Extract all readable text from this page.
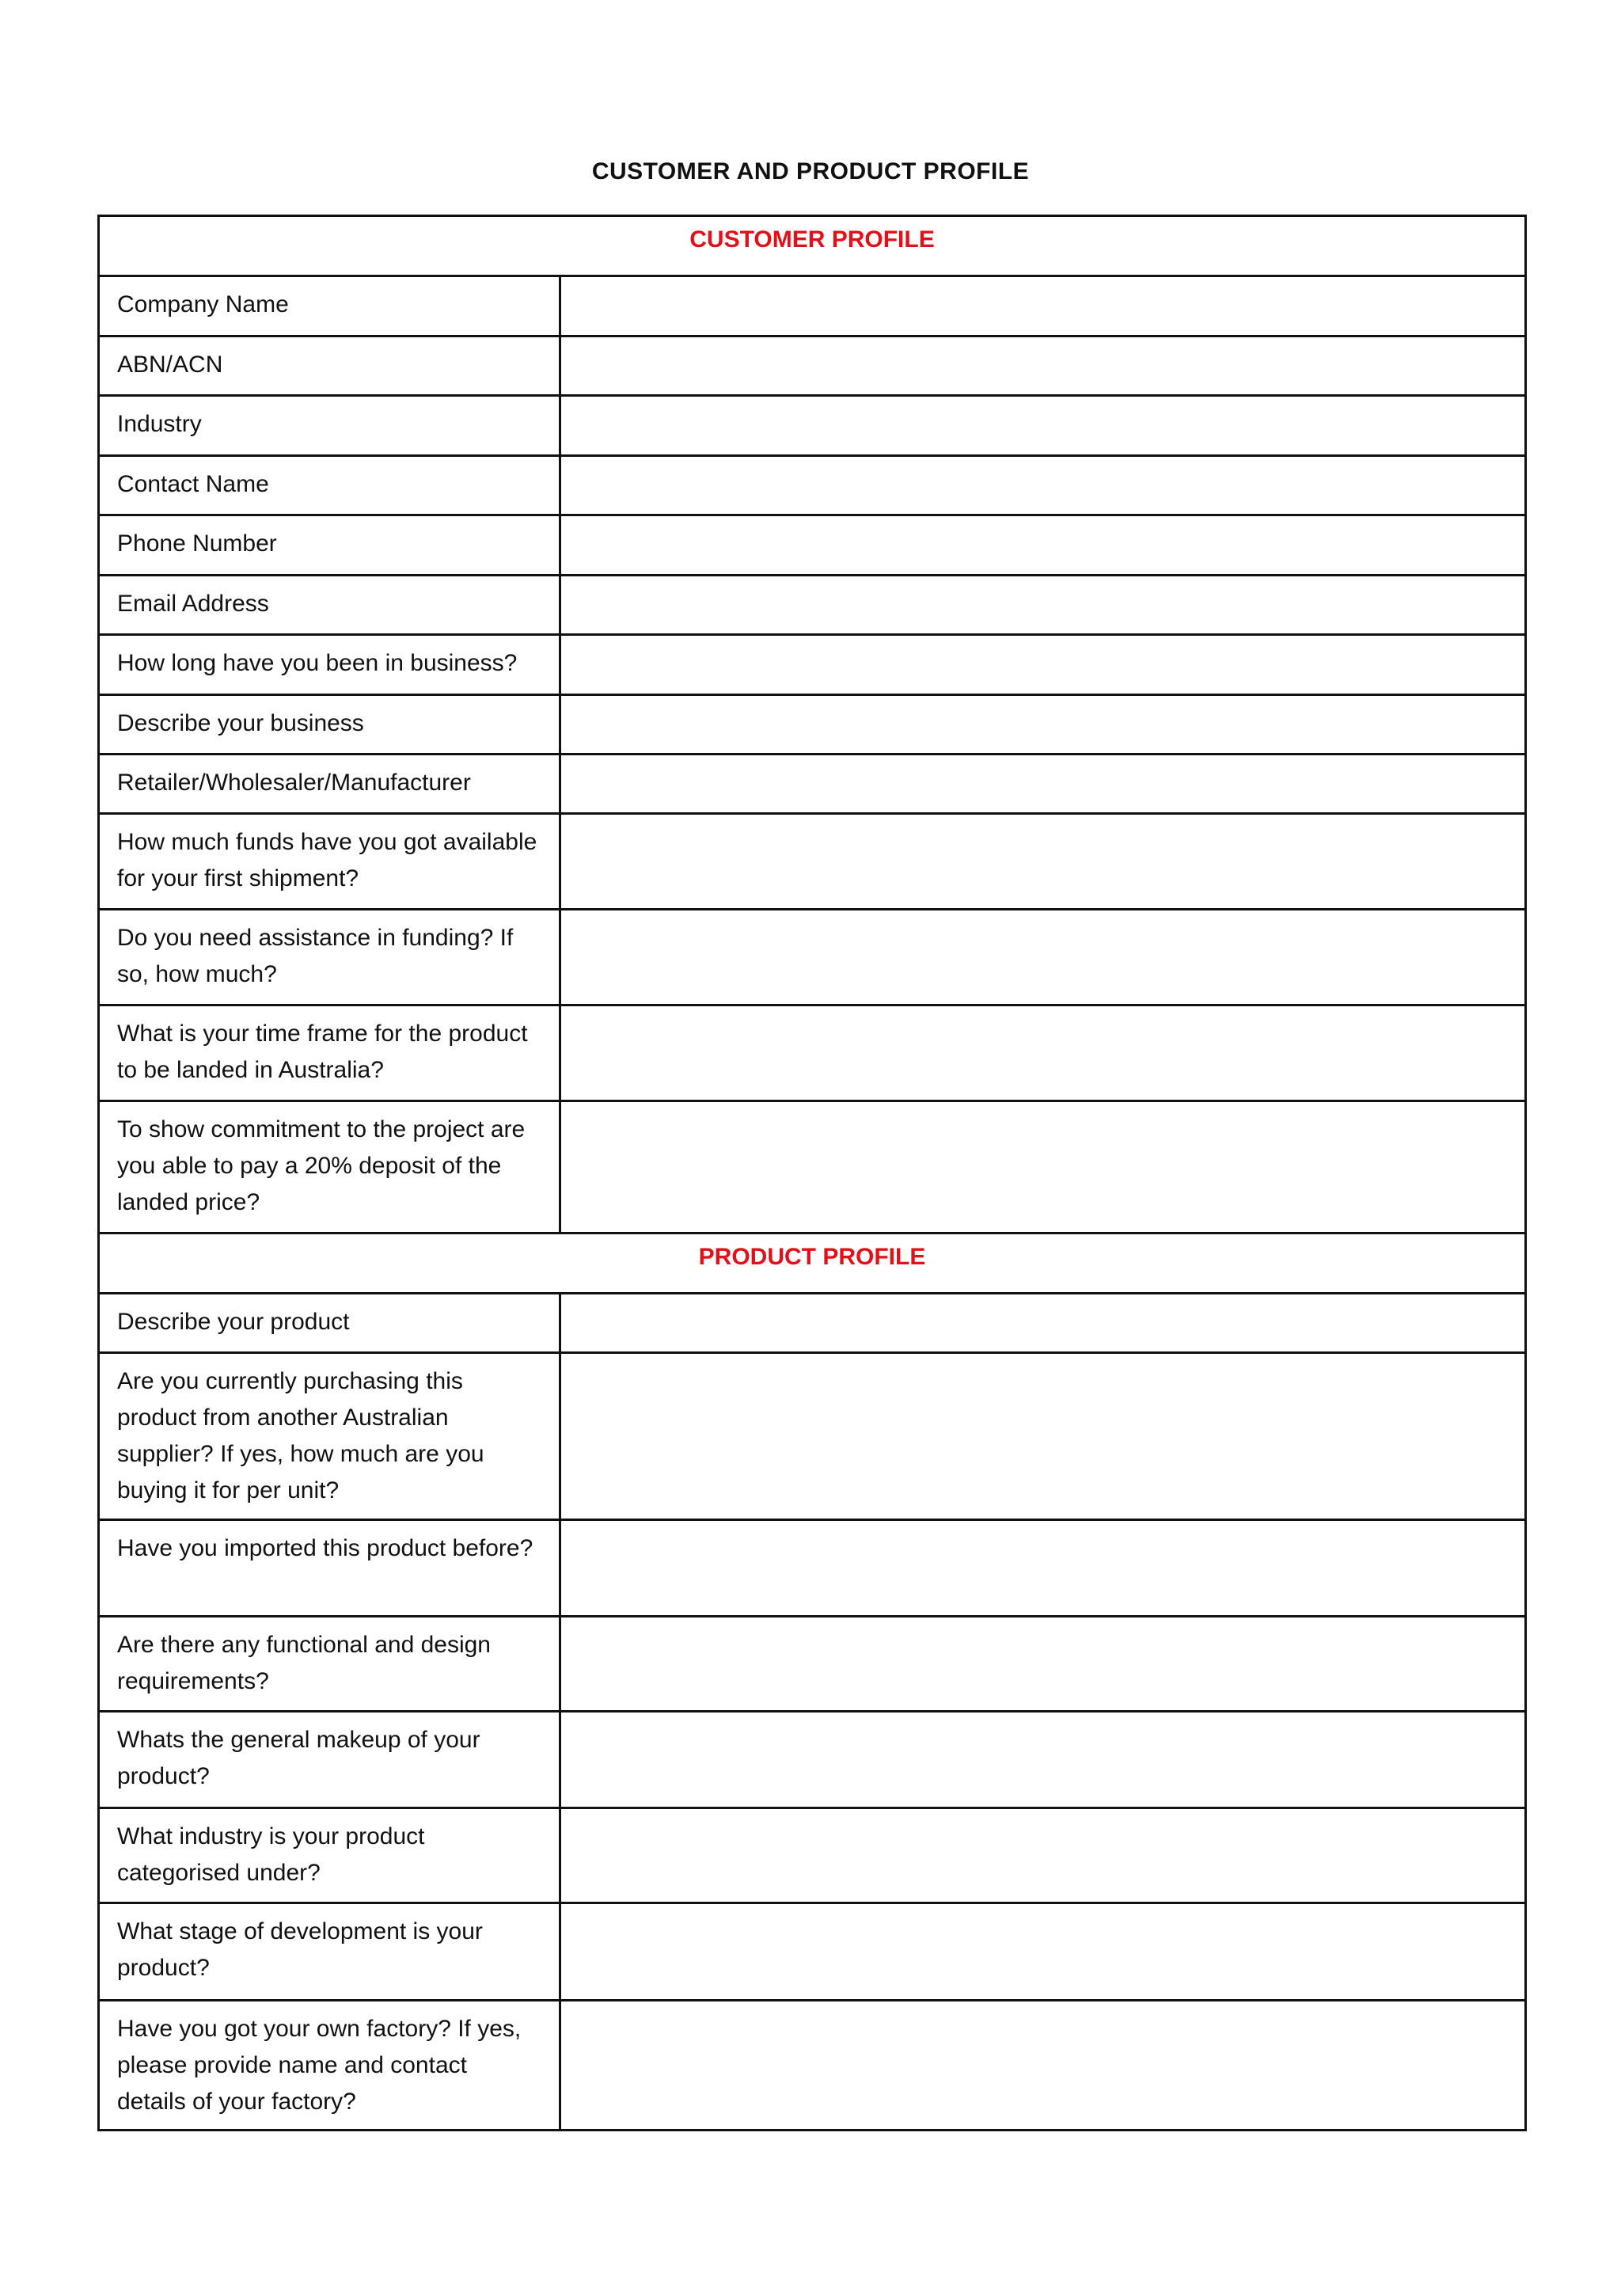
CUSTOMER AND PRODUCT PROFILE
CUSTOMER PROFILE	
Company Name	
ABN/ACN	
Industry	
Contact Name	
Phone Number	
Email Address	
How long have you been in business?	
Describe your business	
Retailer/Wholesaler/Manufacturer	
How much funds have you got available for your first shipment?	
Do you need assistance in funding? If so, how much?	
What is your time frame for the product to be landed in Australia?	
To show commitment to the project are you able to pay a 20% deposit of the landed price?	
PRODUCT PROFILE	
Describe your product	
Are you currently purchasing this product from another Australian supplier? If yes, how much are you buying it for per unit?	
Have you imported this product before?	
Are there any functional and design requirements?	
Whats the general makeup of your product?	
What industry is your product categorised under?	
What stage of development is your product?	
Have you got your own factory? If yes, please provide name and contact details of your factory?	
